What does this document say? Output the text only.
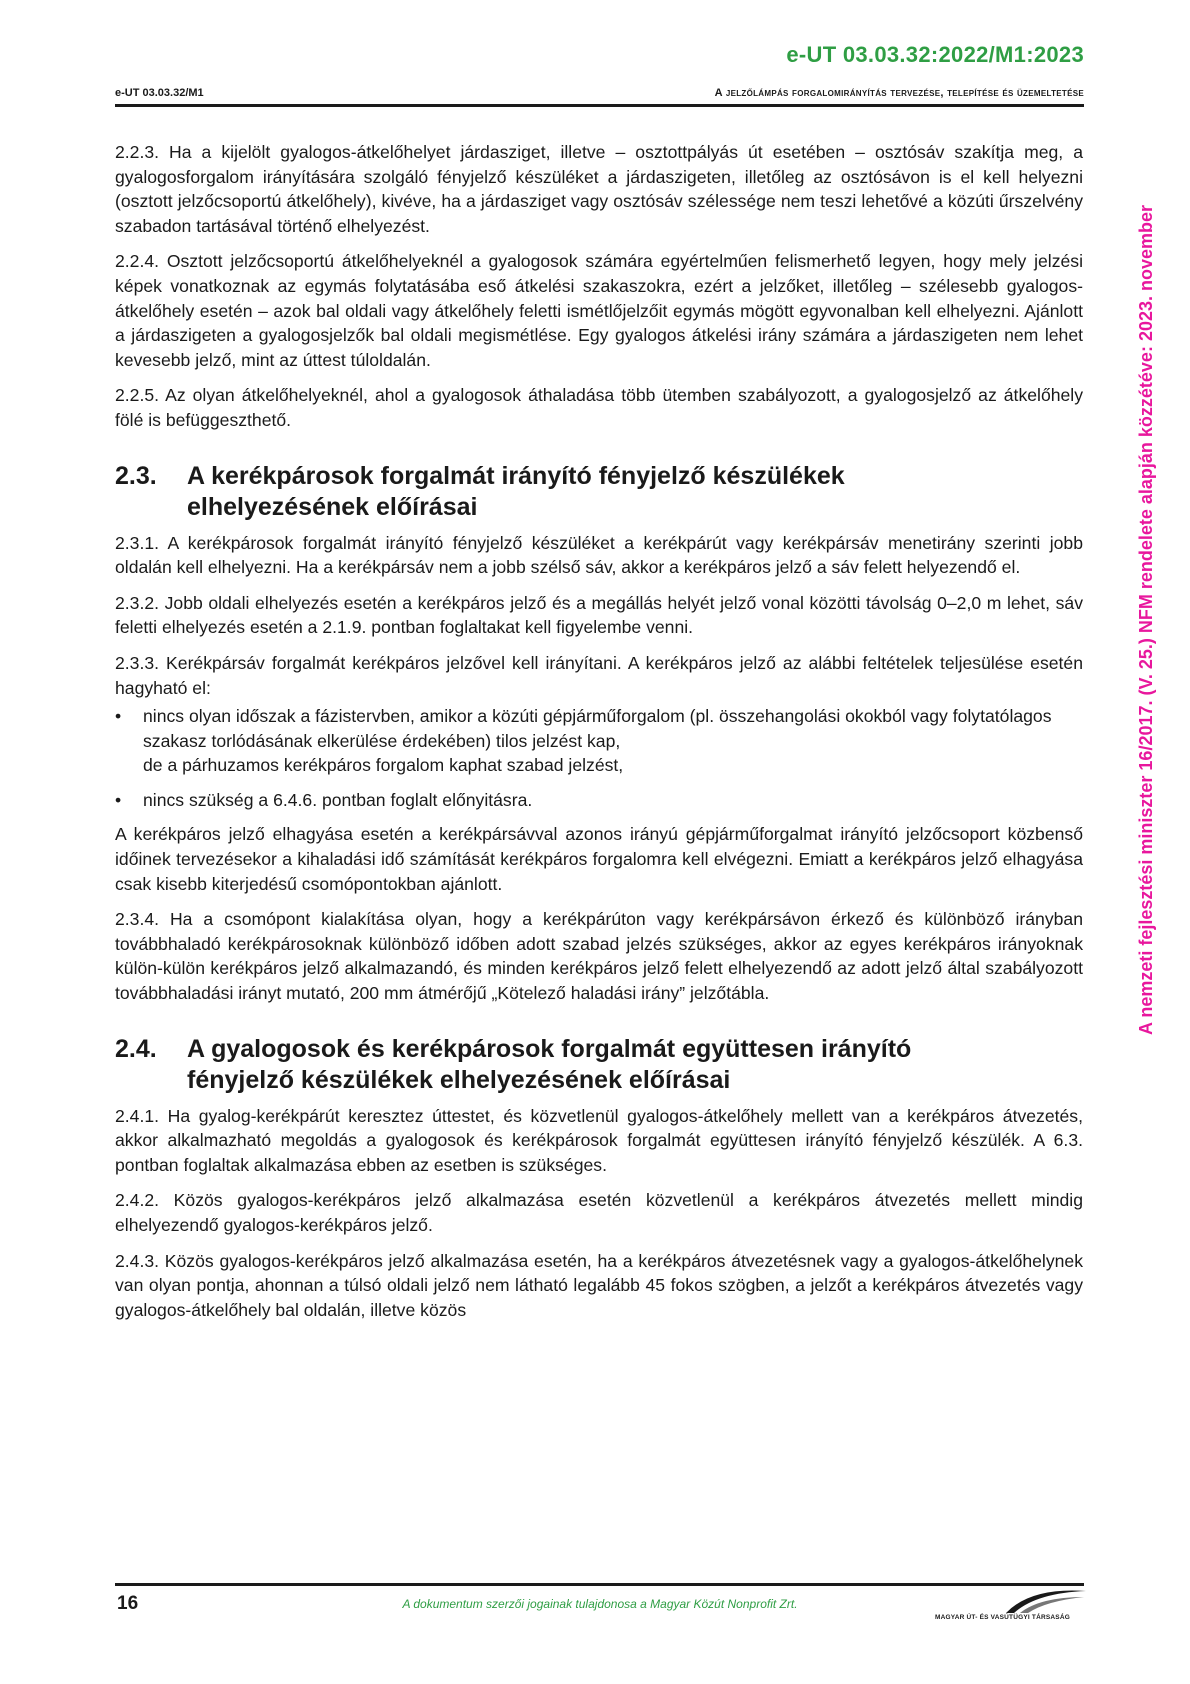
e-UT 03.03.32:2022/M1:2023
e-UT 03.03.32/M1	A jelzőlámpás forgalomirányítás tervezése, telepítése és üzemeltetése

2.2.3. Ha a kijelölt gyalogos-átkelőhelyet járdasziget, illetve – osztottpályás út esetében – osztósáv szakítja meg, a gyalogosforgalom irányítására szolgáló fényjelző készüléket a járdaszigeten, illetőleg az osztósávon is el kell helyezni (osztott jelzőcsoportú átkelőhely), kivéve, ha a járdasziget vagy osztósáv szélessége nem teszi lehetővé a közúti űrszelvény szabadon tartásával történő elhelyezést.

2.2.4. Osztott jelzőcsoportú átkelőhelyeknél a gyalogosok számára egyértelműen felismerhető legyen, hogy mely jelzési képek vonatkoznak az egymás folytatásába eső átkelési szakaszokra, ezért a jelzőket, illetőleg – szélesebb gyalogos-átkelőhely esetén – azok bal oldali vagy átkelőhely feletti ismétlőjelzőit egymás mögött egyvonalban kell elhelyezni. Ajánlott a járdaszigeten a gyalogosjelzők bal oldali megismétlése. Egy gyalogos átkelési irány számára a járdaszigeten nem lehet kevesebb jelző, mint az úttest túloldalán.

2.2.5. Az olyan átkelőhelyeknél, ahol a gyalogosok áthaladása több ütemben szabályozott, a gyalogosjelző az átkelőhely fölé is befüggeszthető.

2.3.	A kerékpárosok forgalmát irányító fényjelző készülékek
elhelyezésének előírásai

2.3.1. A kerékpárosok forgalmát irányító fényjelző készüléket a kerékpárút vagy kerékpársáv menetirány szerinti jobb oldalán kell elhelyezni. Ha a kerékpársáv nem a jobb szélső sáv, akkor a kerékpáros jelző a sáv felett helyezendő el.

2.3.2. Jobb oldali elhelyezés esetén a kerékpáros jelző és a megállás helyét jelző vonal közötti távolság 0–2,0 m lehet, sáv feletti elhelyezés esetén a 2.1.9. pontban foglaltakat kell figyelembe venni.

2.3.3. Kerékpársáv forgalmát kerékpáros jelzővel kell irányítani. A kerékpáros jelző az alábbi feltételek teljesülése esetén hagyható el:

• nincs olyan időszak a fázistervben, amikor a közúti gépjárműforgalom (pl. összehangolási okokból vagy folytatólagos szakasz torlódásának elkerülése érdekében) tilos jelzést kap,
de a párhuzamos kerékpáros forgalom kaphat szabad jelzést,
• nincs szükség a 6.4.6. pontban foglalt előnyitásra.

A kerékpáros jelző elhagyása esetén a kerékpársávval azonos irányú gépjárműforgalmat irányító jelzőcsoport közbenső időinek tervezésekor a kihaladási idő számítását kerékpáros forgalomra kell elvégezni. Emiatt a kerékpáros jelző elhagyása csak kisebb kiterjedésű csomópontokban ajánlott.

2.3.4. Ha a csomópont kialakítása olyan, hogy a kerékpárúton vagy kerékpársávon érkező és különböző irányban továbbhaladó kerékpárosoknak különböző időben adott szabad jelzés szükséges, akkor az egyes kerékpáros irányoknak külön-külön kerékpáros jelző alkalmazandó, és minden kerékpáros jelző felett elhelyezendő az adott jelző által szabályozott továbbhaladási irányt mutató, 200 mm átmérőjű „Kötelező haladási irány” jelzőtábla.

2.4.	A gyalogosok és kerékpárosok forgalmát együttesen irányító
fényjelző készülékek elhelyezésének előírásai

2.4.1. Ha gyalog-kerékpárút keresztez úttestet, és közvetlenül gyalogos-átkelőhely mellett van a kerékpáros átvezetés, akkor alkalmazható megoldás a gyalogosok és kerékpárosok forgalmát együttesen irányító fényjelző készülék. A 6.3. pontban foglaltak alkalmazása ebben az esetben is szükséges.

2.4.2. Közös gyalogos-kerékpáros jelző alkalmazása esetén közvetlenül a kerékpáros átvezetés mellett mindig elhelyezendő gyalogos-kerékpáros jelző.

2.4.3. Közös gyalogos-kerékpáros jelző alkalmazása esetén, ha a kerékpáros átvezetésnek vagy a gyalogos-átkelőhelynek van olyan pontja, ahonnan a túlsó oldali jelző nem látható legalább 45 fokos szögben, a jelzőt a kerékpáros átvezetés vagy gyalogos-átkelőhely bal oldalán, illetve közös

A nemzeti fejlesztési miniszter 16/2017. (V. 25.) NFM rendelete alapján közzétéve: 2023. november
16	A dokumentum szerzői jogainak tulajdonosa a Magyar Közút Nonprofit Zrt.
MAGYAR ÚT- ÉS VASÚTÜGYI TÁRSASÁG
